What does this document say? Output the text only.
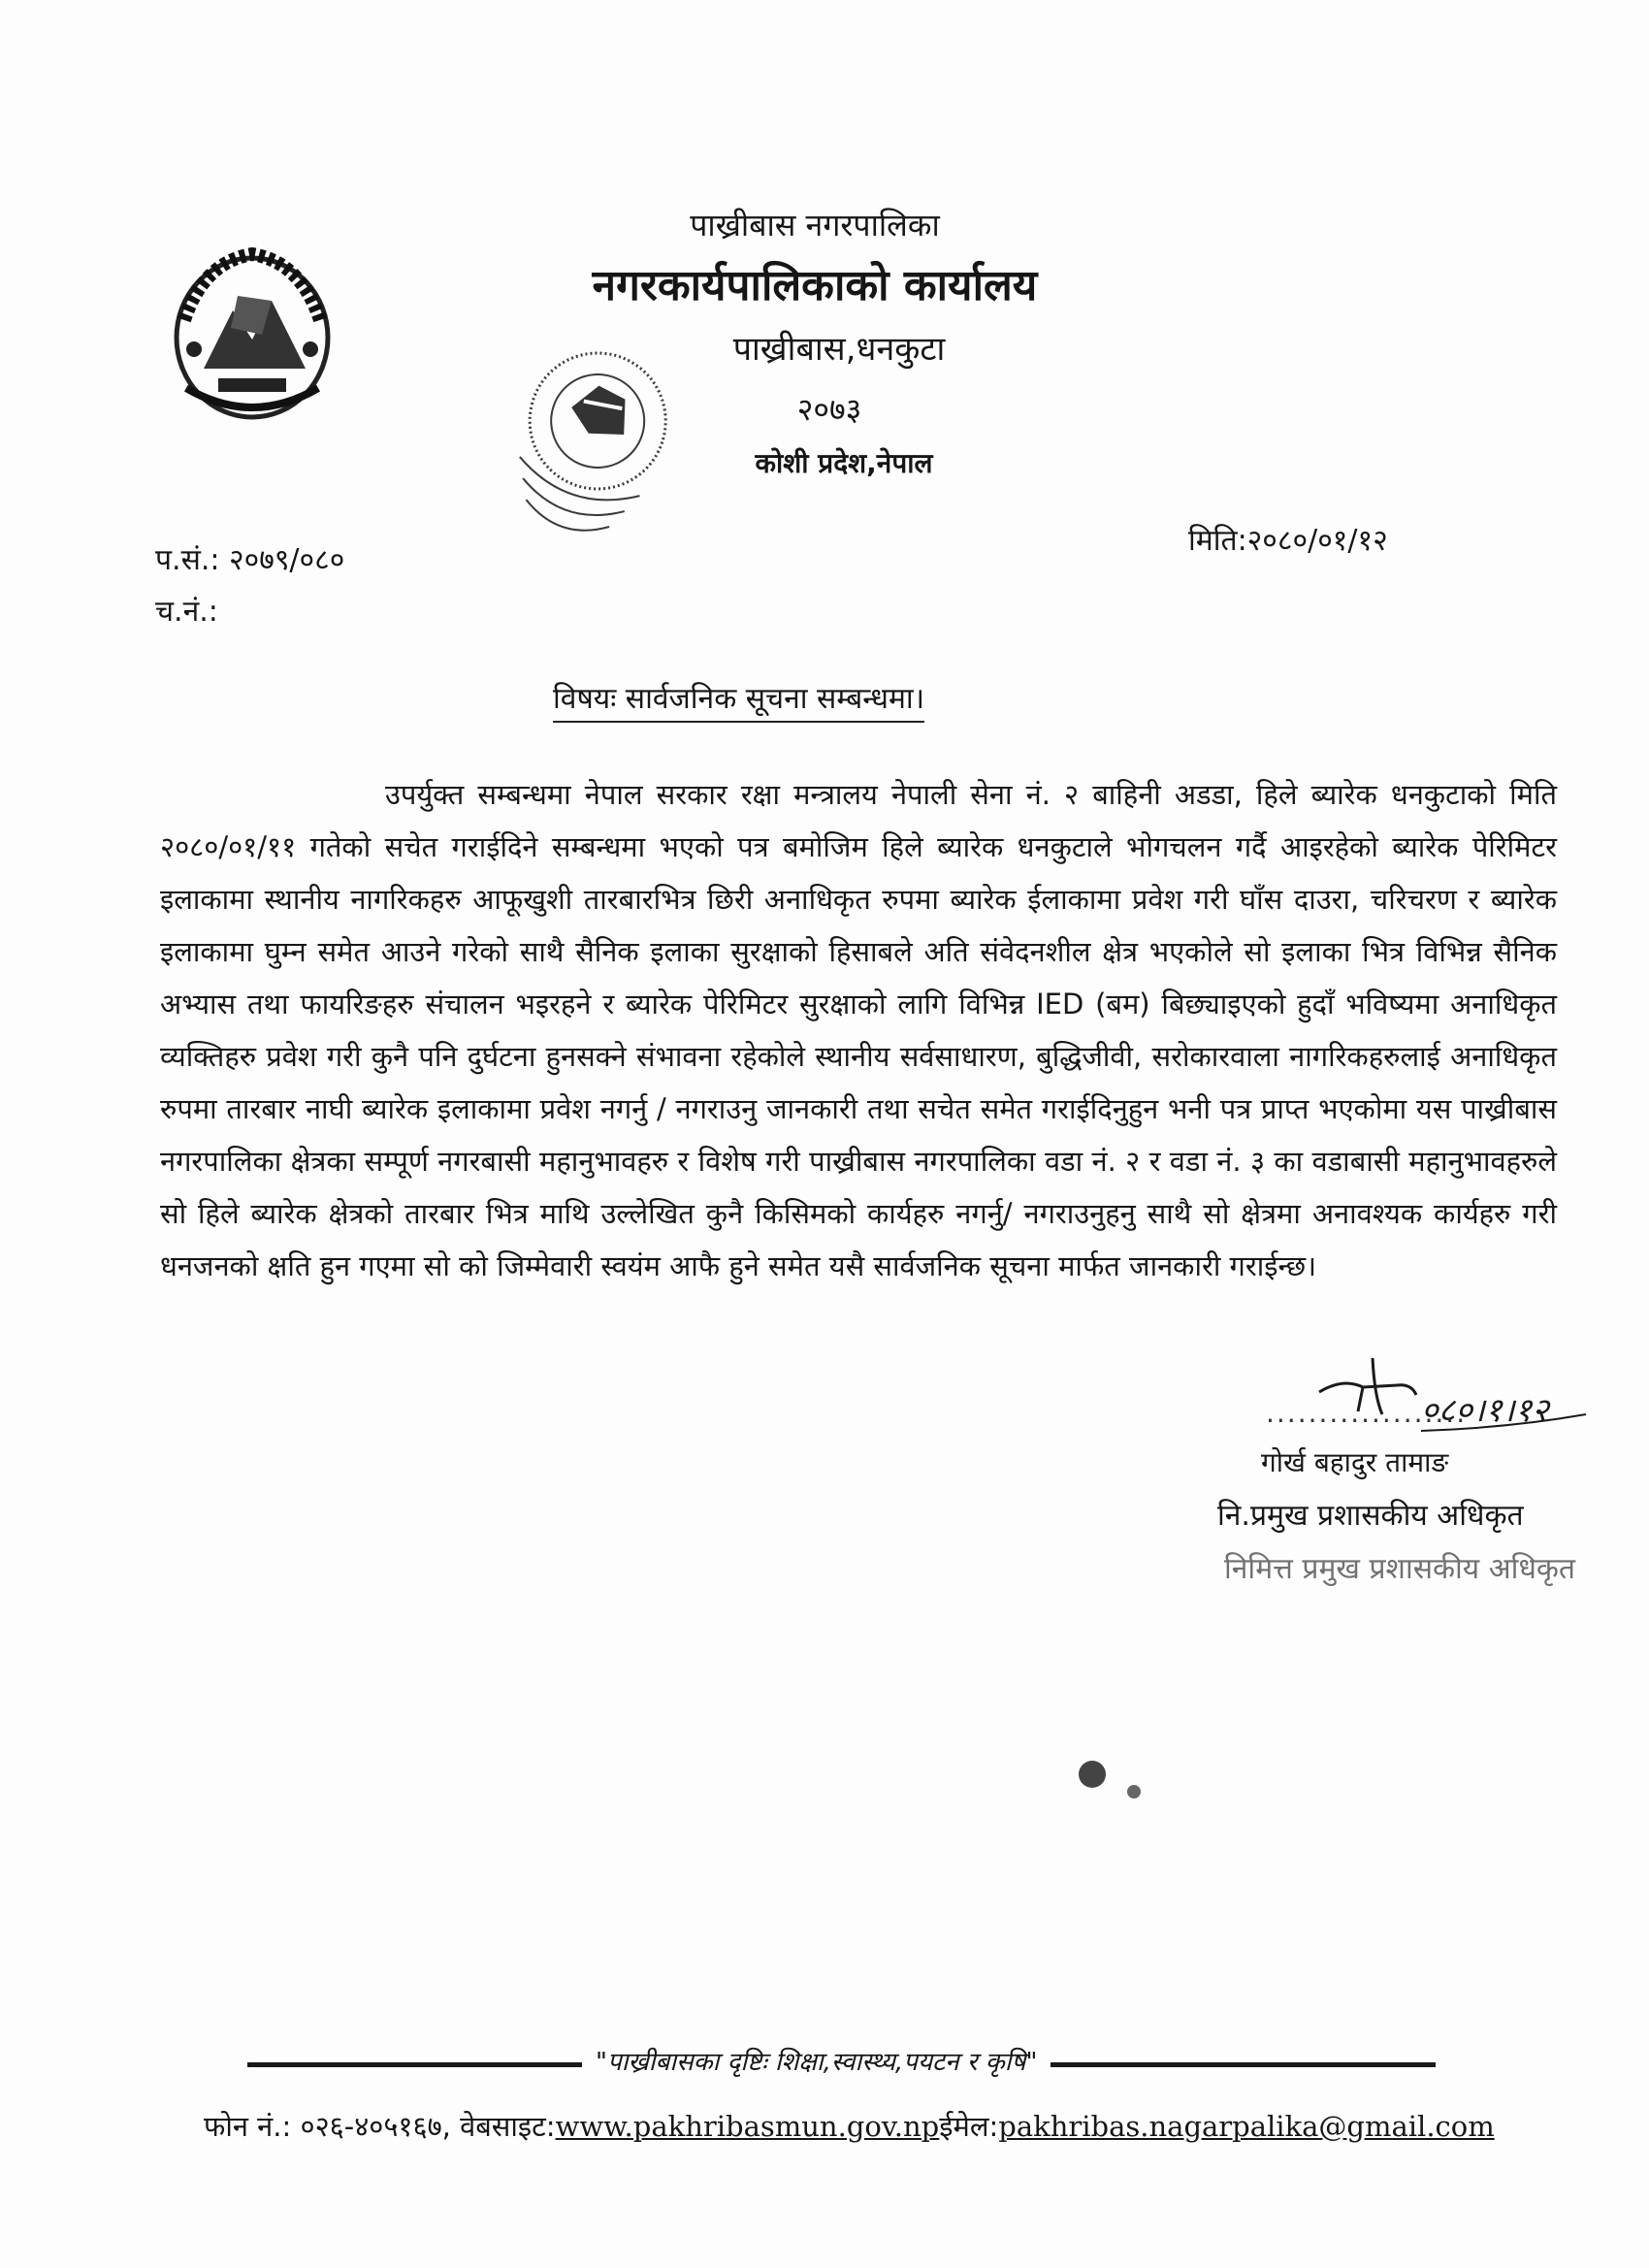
पाख्रीबास नगरपालिका
नगरकार्यपालिकाको कार्यालय
पाख्रीबास,धनकुटा
२०७३
कोशी प्रदेश,नेपाल
प.सं.: २०७९/०८०
च.नं.:
मिति:२०८०/०१/१२
विषयः सार्वजनिक सूचना सम्बन्धमा।
उपर्युक्त सम्बन्धमा नेपाल सरकार रक्षा मन्त्रालय नेपाली सेना नं. २ बाहिनी अडडा, हिले ब्यारेक धनकुटाको मिति २०८०/०१/११ गतेको सचेत गराईदिने सम्बन्धमा भएको पत्र बमोजिम हिले ब्यारेक धनकुटाले भोगचलन गर्दै आइरहेको ब्यारेक पेरिमिटर इलाकामा स्थानीय नागरिकहरु आफूखुशी तारबारभित्र छिरी अनाधिकृत रुपमा ब्यारेक ईलाकामा प्रवेश गरी घाँस दाउरा, चरिचरण र ब्यारेक इलाकामा घुम्न समेत आउने गरेको साथै सैनिक इलाका सुरक्षाको हिसाबले अति संवेदनशील क्षेत्र भएकोले सो इलाका भित्र विभिन्न सैनिक अभ्यास तथा फायरिङहरु संचालन भइरहने र ब्यारेक पेरिमिटर सुरक्षाको लागि विभिन्न IED (बम) बिछ्याइएको हुदाँ भविष्यमा अनाधिकृत व्यक्तिहरु प्रवेश गरी कुनै पनि दुर्घटना हुनसक्ने संभावना रहेकोले स्थानीय सर्वसाधारण, बुद्धिजीवी, सरोकारवाला नागरिकहरुलाई अनाधिकृत रुपमा तारबार नाघी ब्यारेक इलाकामा प्रवेश नगर्नु / नगराउनु जानकारी तथा सचेत समेत गराईदिनुहुन भनी पत्र प्राप्त भएकोमा यस पाख्रीबास नगरपालिका क्षेत्रका सम्पूर्ण नगरबासी महानुभावहरु र विशेष गरी पाख्रीबास नगरपालिका वडा नं. २ र वडा नं. ३ का वडाबासी महानुभावहरुले सो हिले ब्यारेक क्षेत्रको तारबार भित्र माथि उल्लेखित कुनै किसिमको कार्यहरु नगर्नु/ नगराउनुहनु साथै सो क्षेत्रमा अनावश्यक कार्यहरु गरी धनजनको क्षति हुन गएमा सो को जिम्मेवारी स्वयंम आफै हुने समेत यसै सार्वजनिक सूचना मार्फत जानकारी गराईन्छ।
०८०।१।१२
...................
गोर्ख बहादुर तामाङ
नि.प्रमुख प्रशासकीय अधिकृत
निमित्त प्रमुख प्रशासकीय अधिकृत
"पाख्रीबासका दृष्टिः शिक्षा,स्वास्थ्य,पयटन र कृषि"
फोन नं.: ०२६-४०५१६७, वेबसाइट:www.pakhribasmun.gov.npईमेल:pakhribas.nagarpalika@gmail.com
